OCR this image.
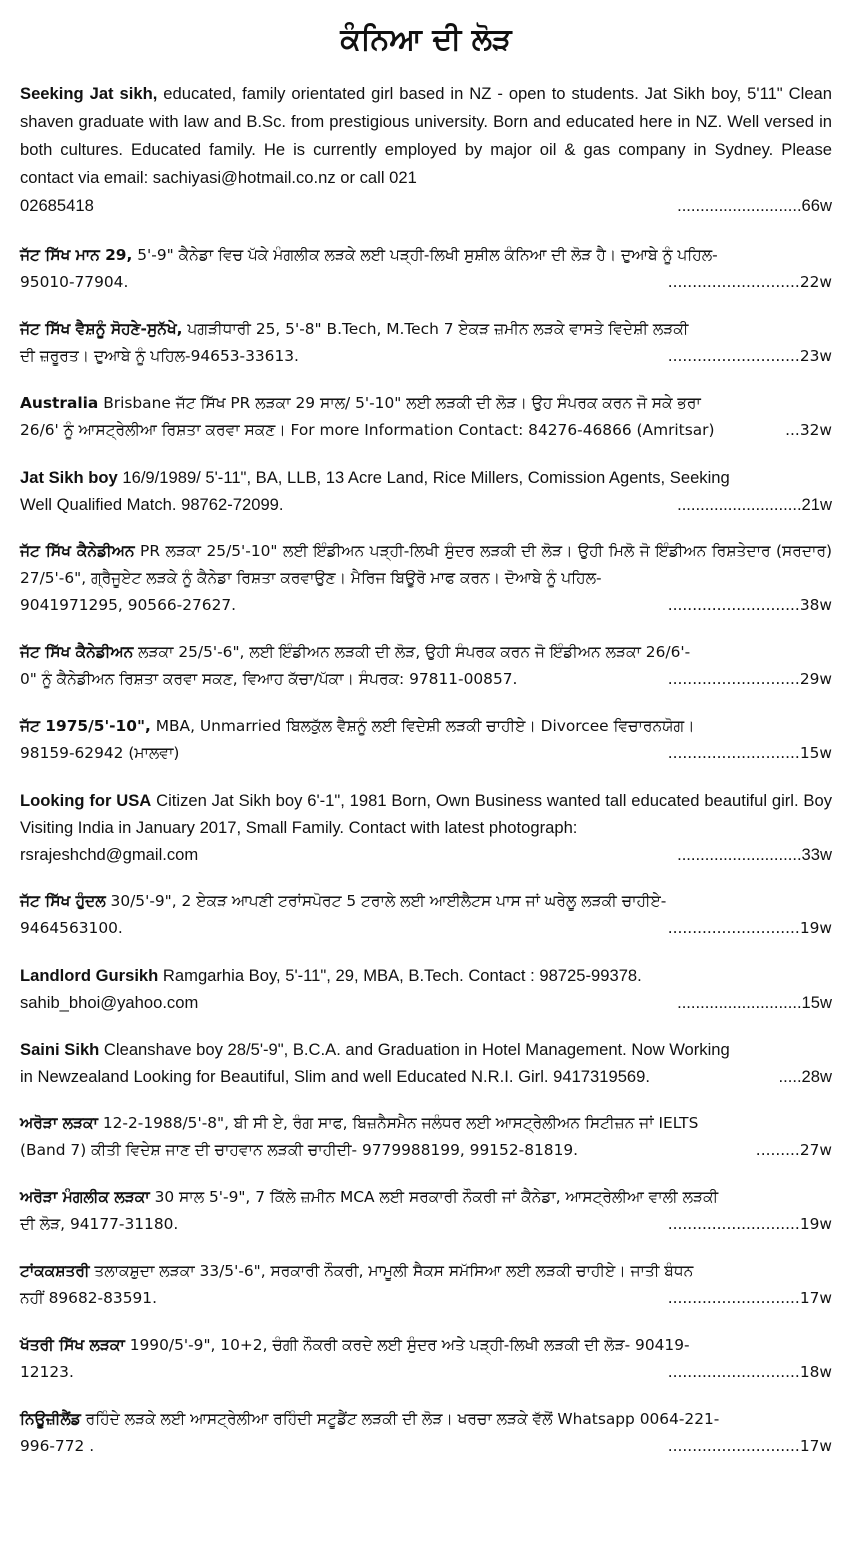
ਕੰਨਿਆ ਦੀ ਲੋੜ
Seeking Jat sikh, educated, family orientated girl based in NZ - open to students. Jat Sikh boy, 5'11" Clean shaven graduate with law and B.Sc. from prestigious university. Born and educated here in NZ. Well versed in both cultures. Educated family. He is currently employed by major oil & gas company in Sydney. Please contact via email: sachiyasi@hotmail.co.nz or call 021
02685418	...........................66w
ਜੱਟ ਸਿੱਖ ਮਾਨ 29, 5'-9" ਕੈਨੇਡਾ ਵਿਚ ਪੱਕੇ ਮੰਗਲੀਕ ਲੜਕੇ ਲਈ ਪੜ੍ਹੀ-ਲਿਖੀ ਸੁਸ਼ੀਲ ਕੰਨਿਆ ਦੀ ਲੋੜ ਹੈ। ਦੁਆਬੇ ਨੂੰ ਪਹਿਲ-
95010-77904.	...........................22w
ਜੱਟ ਸਿੱਖ ਵੈਸ਼ਨੂੰ ਸੋਹਣੇ-ਸੁਨੱਖੇ, ਪਗੜੀਧਾਰੀ 25, 5'-8" B.Tech, M.Tech 7 ਏਕੜ ਜ਼ਮੀਨ ਲੜਕੇ ਵਾਸਤੇ ਵਿਦੇਸ਼ੀ ਲੜਕੀ
ਦੀ ਜ਼ਰੂਰਤ। ਦੁਆਬੇ ਨੂੰ ਪਹਿਲ-94653-33613.	...........................23w
Australia Brisbane ਜੱਟ ਸਿੱਖ PR ਲੜਕਾ 29 ਸਾਲ/ 5'-10" ਲਈ ਲੜਕੀ ਦੀ ਲੋੜ। ਉਹ ਸੰਪਰਕ ਕਰਨ ਜੋ ਸਕੇ ਭਰਾ
26/6' ਨੂੰ ਆਸਟ੍ਰੇਲੀਆ ਰਿਸ਼ਤਾ ਕਰਵਾ ਸਕਣ। For more Information Contact: 84276-46866 (Amritsar)	...32w
Jat Sikh boy 16/9/1989/ 5'-11", BA, LLB, 13 Acre Land, Rice Millers, Comission Agents, Seeking
Well Qualified Match. 98762-72099.	...........................21w
ਜੱਟ ਸਿੱਖ ਕੈਨੇਡੀਅਨ PR ਲੜਕਾ 25/5'-10" ਲਈ ਇੰਡੀਅਨ ਪੜ੍ਹੀ-ਲਿਖੀ ਸੁੰਦਰ ਲੜਕੀ ਦੀ ਲੋੜ। ਉਹੀ ਮਿਲੋ ਜੋ ਇੰਡੀਅਨ ਰਿਸ਼ਤੇਦਾਰ (ਸਰਦਾਰ) 27/5'-6", ਗ੍ਰੈਜੂਏਟ ਲੜਕੇ ਨੂੰ ਕੈਨੇਡਾ ਰਿਸ਼ਤਾ ਕਰਵਾਉਣ। ਮੈਰਿਜ ਬਿਊਰੋ ਮਾਫ ਕਰਨ। ਦੋਆਬੇ ਨੂੰ ਪਹਿਲ-
9041971295, 90566-27627.	...........................38w
ਜੱਟ ਸਿੱਖ ਕੈਨੇਡੀਅਨ ਲੜਕਾ 25/5'-6", ਲਈ ਇੰਡੀਅਨ ਲੜਕੀ ਦੀ ਲੋੜ, ਉਹੀ ਸੰਪਰਕ ਕਰਨ ਜੋ ਇੰਡੀਅਨ ਲੜਕਾ 26/6'-
0" ਨੂੰ ਕੈਨੇਡੀਅਨ ਰਿਸ਼ਤਾ ਕਰਵਾ ਸਕਣ, ਵਿਆਹ ਕੱਚਾ/ਪੱਕਾ। ਸੰਪਰਕ: 97811-00857.	...........................29w
ਜੱਟ 1975/5'-10", MBA, Unmarried ਬਿਲਕੁੱਲ ਵੈਸ਼ਨੂੰ ਲਈ ਵਿਦੇਸ਼ੀ ਲੜਕੀ ਚਾਹੀਏ। Divorcee ਵਿਚਾਰਨਯੋਗ।
98159-62942 (ਮਾਲਵਾ)	...........................15w
Looking for USA Citizen Jat Sikh boy 6'-1", 1981 Born, Own Business wanted tall educated beautiful girl. Boy Visiting India in January 2017, Small Family. Contact with latest photograph:
rsrajeshchd@gmail.com	...........................33w
ਜੱਟ ਸਿੱਖ ਹੁੰਦਲ 30/5'-9", 2 ਏਕੜ ਆਪਣੀ ਟਰਾਂਸਪੋਰਟ 5 ਟਰਾਲੇ ਲਈ ਆਈਲੈਟਸ ਪਾਸ ਜਾਂ ਘਰੇਲੂ ਲੜਕੀ ਚਾਹੀਏ-
9464563100.	...........................19w
Landlord Gursikh Ramgarhia Boy, 5'-11", 29, MBA, B.Tech. Contact : 98725-99378.
sahib_bhoi@yahoo.com	...........................15w
Saini Sikh Cleanshave boy 28/5'-9", B.C.A. and Graduation in Hotel Management. Now Working
in Newzealand Looking for Beautiful, Slim and well Educated N.R.I. Girl. 9417319569.	.....28w
ਅਰੋੜਾ ਲੜਕਾ 12-2-1988/5'-8", ਬੀ ਸੀ ਏ, ਰੰਗ ਸਾਫ, ਬਿਜ਼ਨੈਸਮੈਨ ਜਲੰਧਰ ਲਈ ਆਸਟ੍ਰੇਲੀਅਨ ਸਿਟੀਜ਼ਨ ਜਾਂ IELTS
(Band 7) ਕੀਤੀ ਵਿਦੇਸ਼ ਜਾਣ ਦੀ ਚਾਹਵਾਨ ਲੜਕੀ ਚਾਹੀਦੀ- 9779988199, 99152-81819.	.........27w
ਅਰੋੜਾ ਮੰਗਲੀਕ ਲੜਕਾ 30 ਸਾਲ 5'-9", 7 ਕਿੱਲੇ ਜ਼ਮੀਨ MCA ਲਈ ਸਰਕਾਰੀ ਨੌਕਰੀ ਜਾਂ ਕੈਨੇਡਾ, ਆਸਟ੍ਰੇਲੀਆ ਵਾਲੀ ਲੜਕੀ
ਦੀ ਲੋੜ, 94177-31180.	...........................19w
ਟਾਂਕਕਸ਼ਤਰੀ ਤਲਾਕਸ਼ੁਦਾ ਲੜਕਾ 33/5'-6", ਸਰਕਾਰੀ ਨੌਕਰੀ, ਮਾਮੂਲੀ ਸੈਕਸ ਸਮੱਸਿਆ ਲਈ ਲੜਕੀ ਚਾਹੀਏ। ਜਾਤੀ ਬੰਧਨ
ਨਹੀਂ 89682-83591.	...........................17w
ਖੱਤਰੀ ਸਿੱਖ ਲੜਕਾ 1990/5'-9", 10+2, ਚੰਗੀ ਨੌਕਰੀ ਕਰਦੇ ਲਈ ਸੁੰਦਰ ਅਤੇ ਪੜ੍ਹੀ-ਲਿਖੀ ਲੜਕੀ ਦੀ ਲੋੜ- 90419-
12123.	...........................18w
ਨਿਊਜ਼ੀਲੈਂਡ ਰਹਿੰਦੇ ਲੜਕੇ ਲਈ ਆਸਟ੍ਰੇਲੀਆ ਰਹਿੰਦੀ ਸਟੂਡੈਂਟ ਲੜਕੀ ਦੀ ਲੋੜ। ਖਰਚਾ ਲੜਕੇ ਵੱਲੋਂ Whatsapp 0064-221-
996-772 .	...........................17w
